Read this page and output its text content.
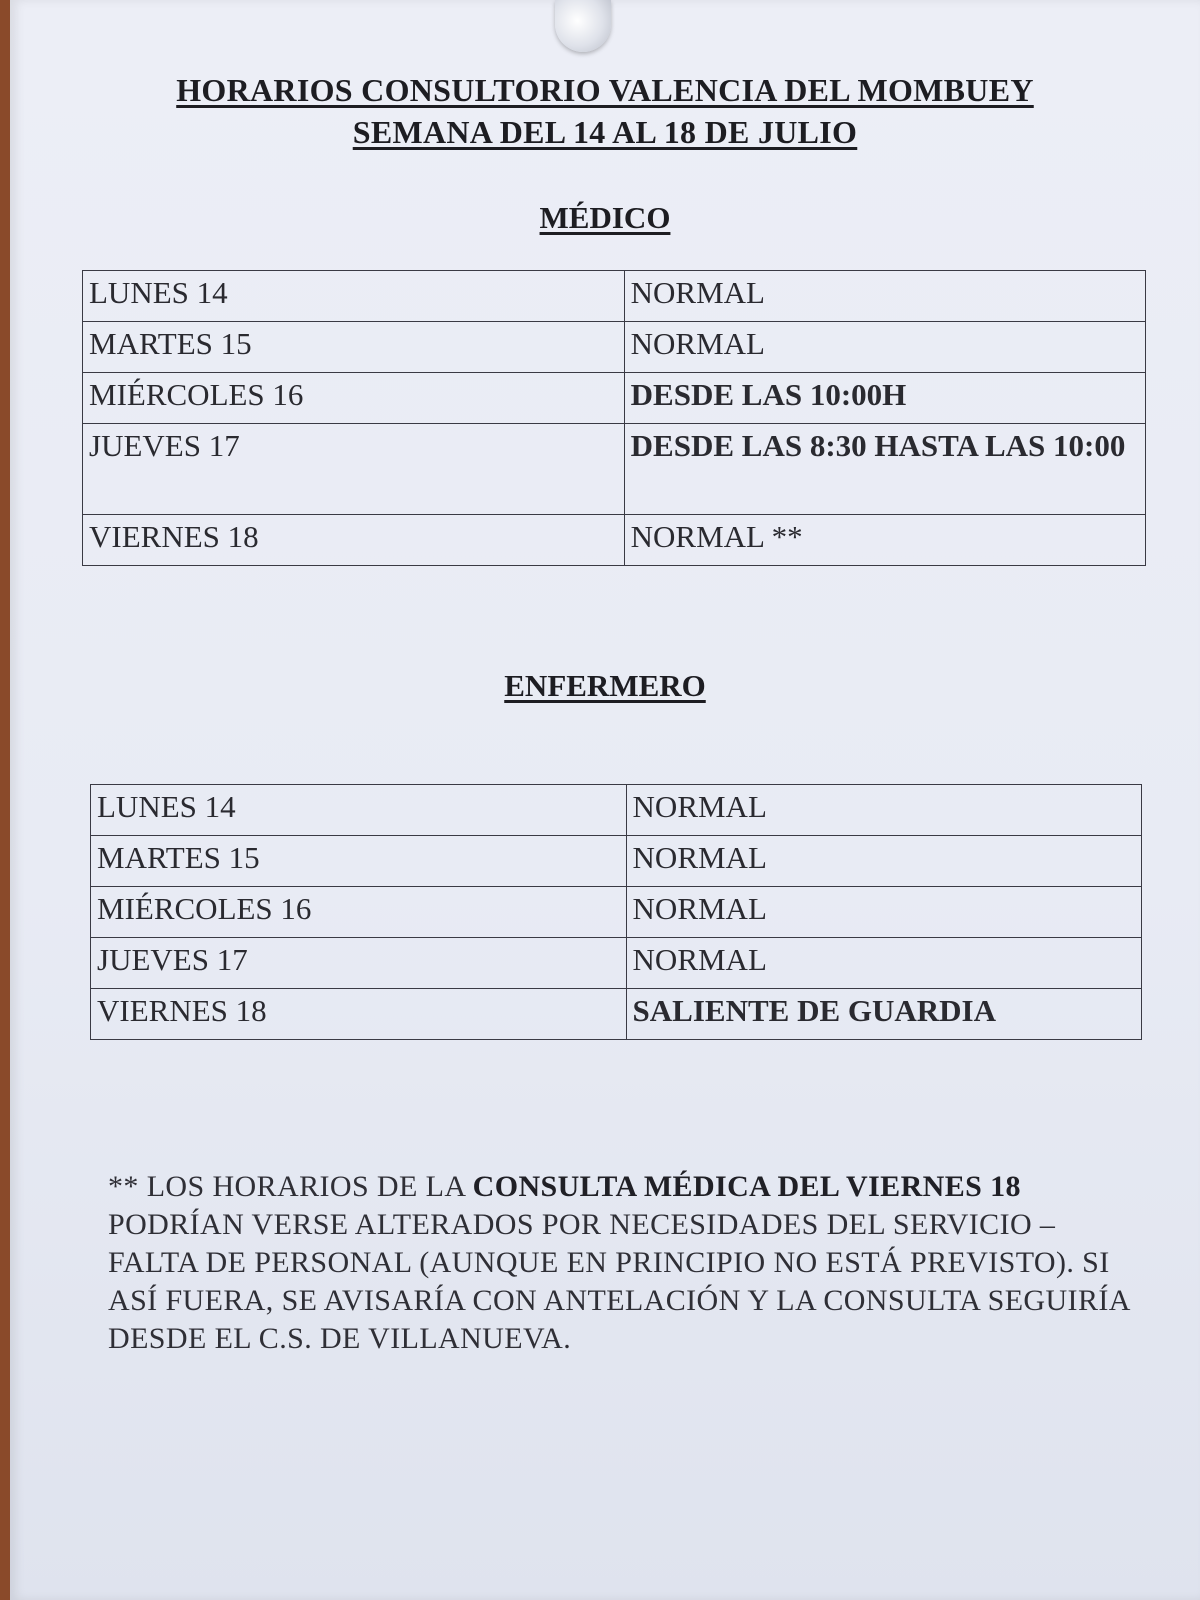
HORARIOS CONSULTORIO VALENCIA DEL MOMBUEY
SEMANA DEL 14 AL 18 DE JULIO
MÉDICO
LUNES 14	NORMAL
MARTES 15	NORMAL
MIÉRCOLES 16	DESDE LAS 10:00H
JUEVES 17	DESDE LAS 8:30 HASTA LAS 10:00
VIERNES 18	NORMAL **
ENFERMERO
LUNES 14	NORMAL
MARTES 15	NORMAL
MIÉRCOLES 16	NORMAL
JUEVES 17	NORMAL
VIERNES 18	SALIENTE DE GUARDIA
** LOS HORARIOS DE LA CONSULTA MÉDICA DEL VIERNES 18 PODRÍAN VERSE ALTERADOS POR NECESIDADES DEL SERVICIO – FALTA DE PERSONAL (AUNQUE EN PRINCIPIO NO ESTÁ PREVISTO). SI ASÍ FUERA, SE AVISARÍA CON ANTELACIÓN Y LA CONSULTA SEGUIRÍA DESDE EL C.S. DE VILLANUEVA.
